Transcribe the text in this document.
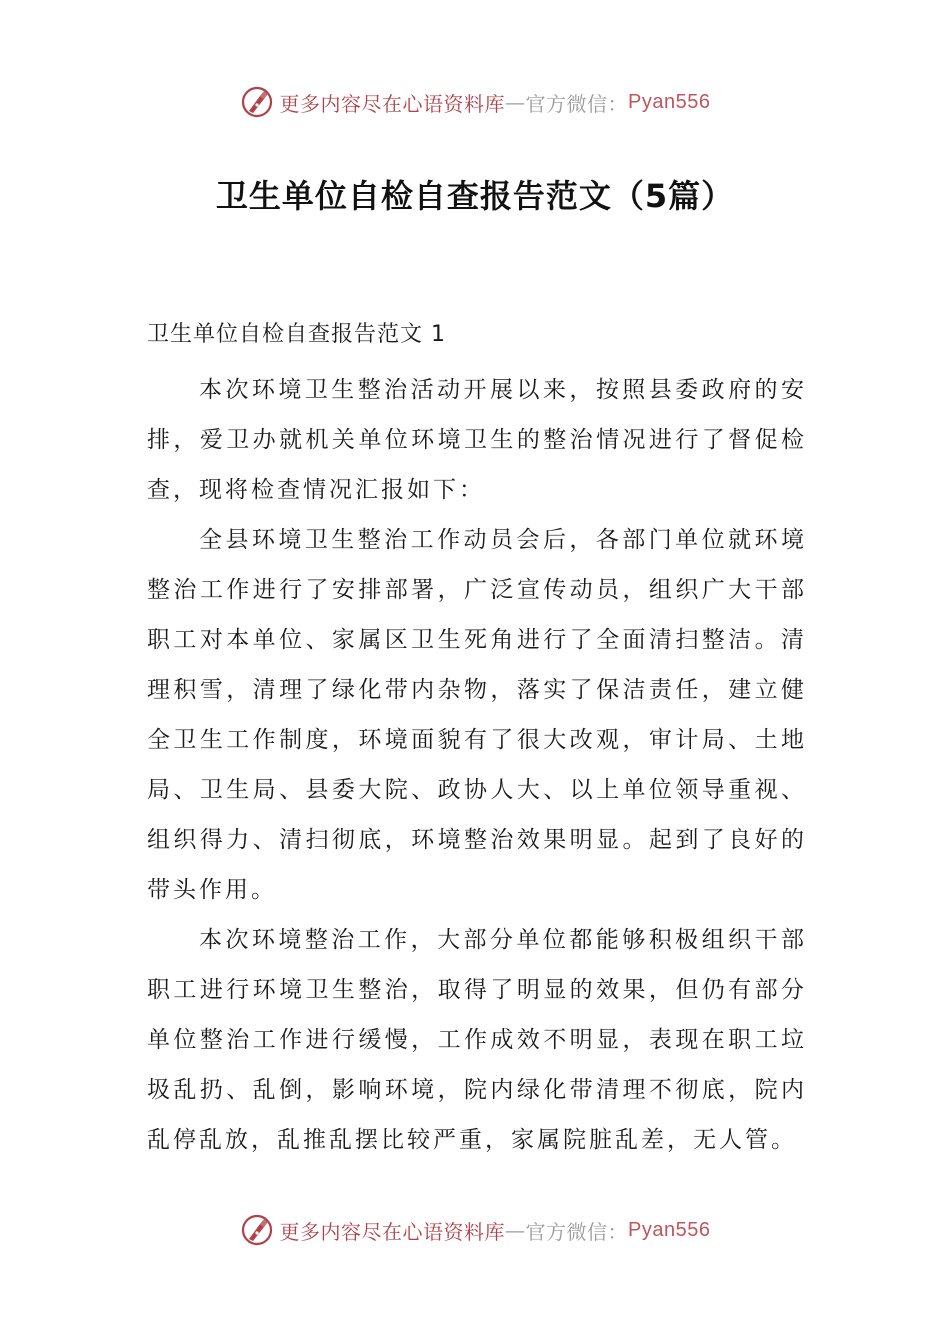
更多内容尽在心语资料库 — 官方微信： Pyan556
卫生单位自检自查报告范文（5篇）
卫生单位自检自查报告范文 1

本次环境卫生整治活动开展以来，按照县委政府的安排，爱卫办就机关单位环境卫生的整治情况进行了督促检查，现将检查情况汇报如下：

全县环境卫生整治工作动员会后，各部门单位就环境整治工作进行了安排部署，广泛宣传动员，组织广大干部职工对本单位、家属区卫生死角进行了全面清扫整洁。清理积雪，清理了绿化带内杂物，落实了保洁责任，建立健全卫生工作制度，环境面貌有了很大改观，审计局、土地局、卫生局、县委大院、政协人大、以上单位领导重视、组织得力、清扫彻底，环境整治效果明显。起到了良好的带头作用。

本次环境整治工作，大部分单位都能够积极组织干部职工进行环境卫生整治，取得了明显的效果，但仍有部分单位整治工作进行缓慢，工作成效不明显，表现在职工垃圾乱扔、乱倒，影响环境，院内绿化带清理不彻底，院内乱停乱放，乱推乱摆比较严重，家属院脏乱差，无人管。

更多内容尽在心语资料库 — 官方微信： Pyan556
